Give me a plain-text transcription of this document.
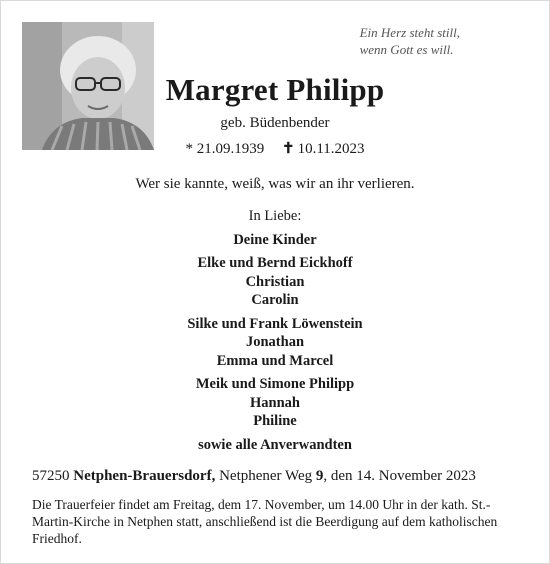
Ein Herz steht still,
wenn Gott es will.
Margret Philipp
geb. Büdenbender
* 21.09.1939 ✝ 10.11.2023
Wer sie kannte, weiß, was wir an ihr verlieren.
In Liebe:
Deine Kinder
Elke und Bernd Eickhoff
Christian
Carolin
Silke und Frank Löwenstein
Jonathan
Emma und Marcel
Meik und Simone Philipp
Hannah
Philine
sowie alle Anverwandten
57250 Netphen-Brauersdorf, Netphener Weg 9, den 14. November 2023
Die Trauerfeier findet am Freitag, dem 17. November, um 14.00 Uhr in der kath. St.-Martin-Kirche in Netphen statt, anschließend ist die Beerdigung auf dem katholischen Friedhof.
